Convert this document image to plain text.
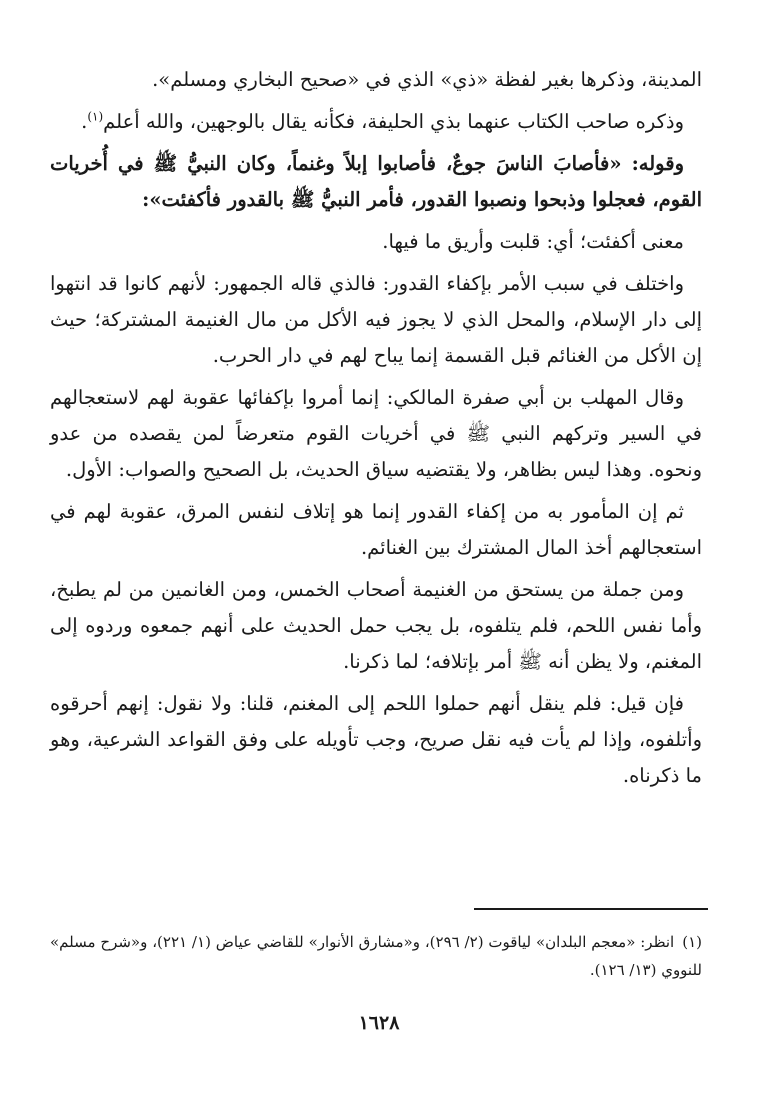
المدينة، وذكرها بغير لفظة «ذي» الذي في «صحيح البخاري ومسلم».

وذكره صاحب الكتاب عنهما بذي الحليفة، فكأنه يقال بالوجهين، والله أعلم$^{(١)}$.

وقوله: «فأصابَ الناسَ جوعٌ، فأصابوا إبلاً وغنماً، وكان النبيُّ ﷺ في أُخريات القوم، فعجلوا وذبحوا ونصبوا القدور، فأمر النبيُّ ﷺ بالقدور فأكفئت»:

معنى أكفئت؛ أي: قلبت وأريق ما فيها.

واختلف في سبب الأمر بإكفاء القدور: فالذي قاله الجمهور: لأنهم كانوا قد انتهوا إلى دار الإسلام، والمحل الذي لا يجوز فيه الأكل من مال الغنيمة المشتركة؛ حيث إن الأكل من الغنائم قبل القسمة إنما يباح لهم في دار الحرب.

وقال المهلب بن أبي صفرة المالكي: إنما أمروا بإكفائها عقوبة لهم لاستعجالهم في السير وتركهم النبي ﷺ في أخريات القوم متعرضاً لمن يقصده من عدو ونحوه. وهذا ليس بظاهر، ولا يقتضيه سياق الحديث، بل الصحيح والصواب: الأول.

ثم إن المأمور به من إكفاء القدور إنما هو إتلاف لنفس المرق، عقوبة لهم في استعجالهم أخذ المال المشترك بين الغنائم.

ومن جملة من يستحق من الغنيمة أصحاب الخمس، ومن الغانمين من لم يطبخ، وأما نفس اللحم، فلم يتلفوه، بل يجب حمل الحديث على أنهم جمعوه وردوه إلى المغنم، ولا يظن أنه ﷺ أمر بإتلافه؛ لما ذكرنا.

فإن قيل: فلم ينقل أنهم حملوا اللحم إلى المغنم، قلنا: ولا نقول: إنهم أحرقوه وأتلفوه، وإذا لم يأت فيه نقل صريح، وجب تأويله على وفق القواعد الشرعية، وهو ما ذكرناه.

(١)انظر: «معجم البلدان» لياقوت (٢/ ٢٩٦)، و«مشارق الأنوار» للقاضي عياض (١/ ٢٢١)، و«شرح مسلم» للنووي (١٣/ ١٢٦).
١٦٢٨
